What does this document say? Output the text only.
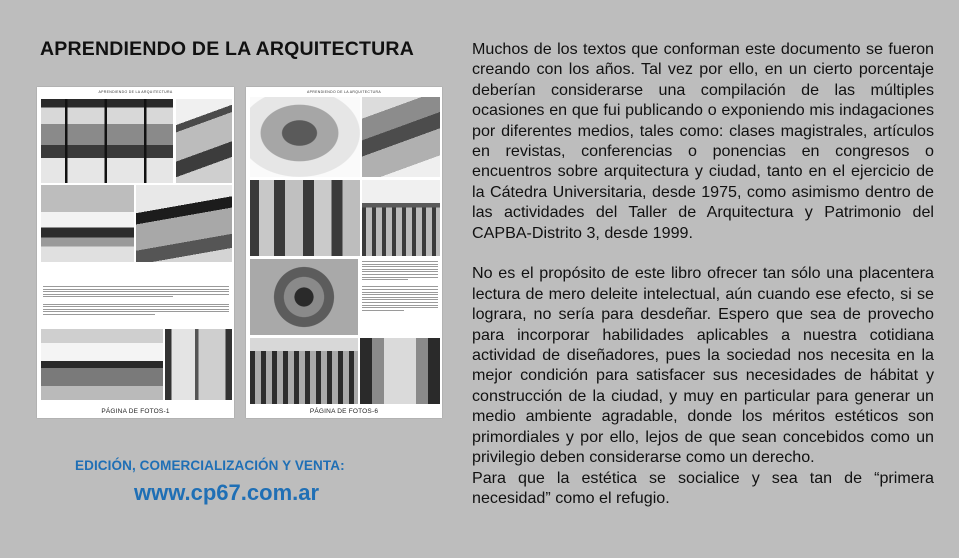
APRENDIENDO DE LA ARQUITECTURA
APRENDIENDO DE LA ARQUITECTURA
PÁGINA DE FOTOS-1
APRENDIENDO DE LA ARQUITECTURA
PÁGINA DE FOTOS-6
EDICIÓN, COMERCIALIZACIÓN Y VENTA:
www.cp67.com.ar

Muchos de los textos que conforman este documento se fueron creando con los años. Tal vez por ello, en un cierto porcentaje deberían considerarse una compilación de las múltiples ocasiones en que fui publicando o exponiendo mis indagaciones por diferentes medios, tales como: clases magistrales, artículos en revistas, conferencias o ponencias en congresos o encuentros sobre arquitectura y ciudad, tanto en el ejercicio de la Cátedra Universitaria, desde 1975, como asimismo dentro de las actividades del Taller de Arquitectura y Patrimonio del CAPBA-Distrito 3, desde 1999.

No es el propósito de este libro ofrecer tan sólo una placentera lectura de mero deleite intelectual, aún cuando ese efecto, si se lograra, no sería para desdeñar. Espero que sea de provecho para incorporar habilidades aplicables a nuestra cotidiana actividad de diseñadores, pues la sociedad nos necesita en la mejor condición para satisfacer sus necesidades de hábitat y construcción de la ciudad, y muy en particular para generar un medio ambiente agradable, donde los méritos estéticos son primordiales y por ello, lejos de que sean concebidos como un privilegio deben considerarse como un derecho.

Para que la estética se socialice y sea tan de “primera necesidad” como el refugio.
